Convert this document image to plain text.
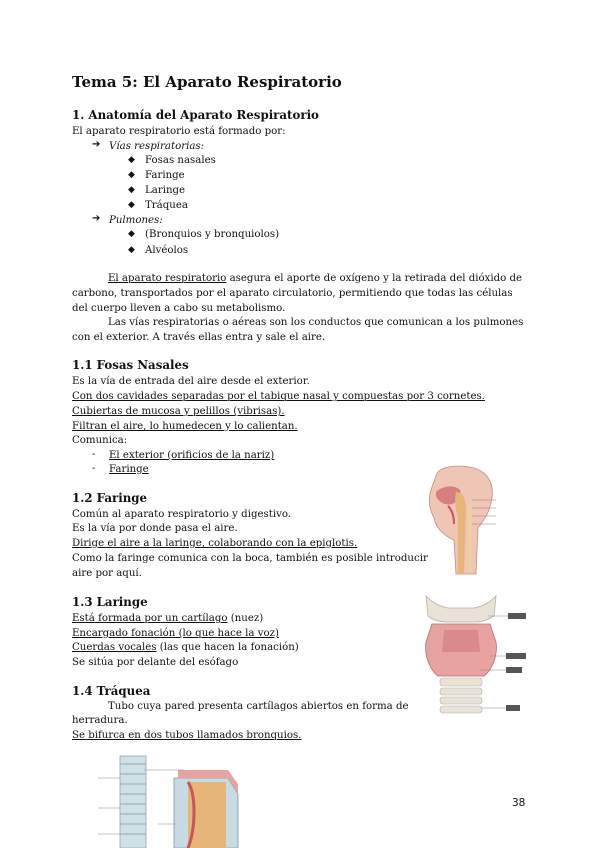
Tema 5: El Aparato Respiratorio
1. Anatomía del Aparato Respiratorio
El aparato respiratorio está formado por:
➔ Vías respiratorias:
◆ Fosas nasales
◆ Faringe
◆ Laringe
◆ Tráquea
➔ Pulmones:
◆ (Bronquios y bronquiolos)
◆ Alvéolos
El aparato respiratorio asegura el aporte de oxígeno y la retirada del dióxido de carbono, transportados por el aparato circulatorio, permitiendo que todas las células del cuerpo lleven a cabo su metabolismo.
Las vías respiratorias o aéreas son los conductos que comunican a los pulmones con el exterior. A través ellas entra y sale el aire.
1.1 Fosas Nasales
Es la vía de entrada del aire desde el exterior.
Con dos cavidades separadas por el tabique nasal y compuestas por 3 cornetes.
Cubiertas de mucosa y pelillos (vibrisas).
Filtran el aire, lo humedecen y lo calientan.
Comunica:
- El exterior (orificios de la nariz)
- Faringe
1.2 Faringe
Común al aparato respiratorio y digestivo.
Es la vía por donde pasa el aire.
Dirige el aire a la laringe, colaborando con la epiglotis.
Como la faringe comunica con la boca, también es posible introducir
aire por aquí.
1.3 Laringe
Está formada por un cartílago (nuez)
Encargado fonación (lo que hace la voz)
Cuerdas vocales (las que hacen la fonación)
Se sitúa por delante del esófago
1.4 Tráquea
Tubo cuya pared presenta cartílagos abiertos en forma de
herradura.
Se bifurca en dos tubos llamados bronquios.
38
